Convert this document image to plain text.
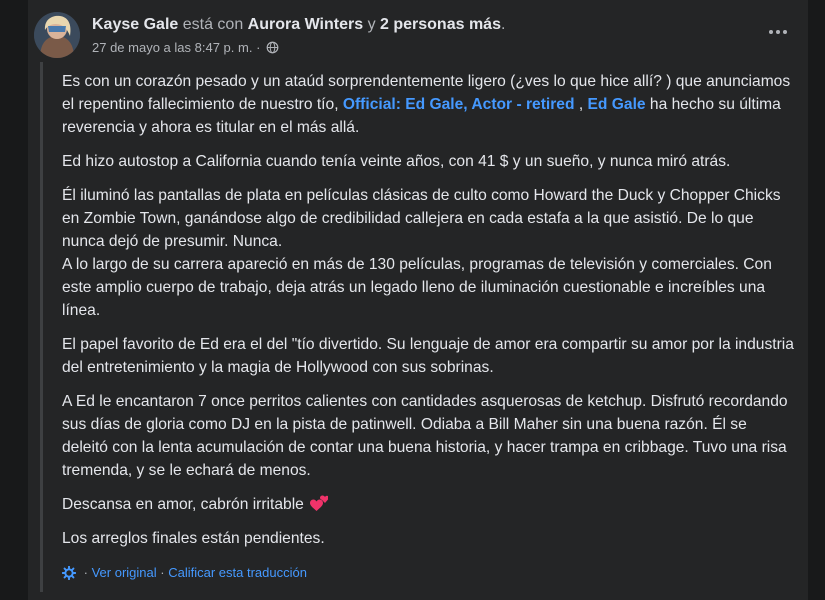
Kayse Gale está con Aurora Winters y 2 personas más.
27 de mayo a las 8:47 p. m. ·

Es con un corazón pesado y un ataúd sorprendentemente ligero (¿ves lo que hice allí? ) que anunciamos el repentino fallecimiento de nuestro tío, Official: Ed Gale, Actor - retired , Ed Gale ha hecho su última reverencia y ahora es titular en el más allá.

Ed hizo autostop a California cuando tenía veinte años, con 41 $ y un sueño, y nunca miró atrás.

Él iluminó las pantallas de plata en películas clásicas de culto como Howard the Duck y Chopper Chicks en Zombie Town, ganándose algo de credibilidad callejera en cada estafa a la que asistió. De lo que nunca dejó de presumir. Nunca.
A lo largo de su carrera apareció en más de 130 películas, programas de televisión y comerciales. Con este amplio cuerpo de trabajo, deja atrás un legado lleno de iluminación cuestionable e increíbles una línea.

El papel favorito de Ed era el del "tío divertido. Su lenguaje de amor era compartir su amor por la industria del entretenimiento y la magia de Hollywood con sus sobrinas.

A Ed le encantaron 7 once perritos calientes con cantidades asquerosas de ketchup. Disfrutó recordando sus días de gloria como DJ en la pista de patinwell. Odiaba a Bill Maher sin una buena razón. Él se deleitó con la lenta acumulación de contar una buena historia, y hacer trampa en cribbage. Tuvo una risa tremenda, y se le echará de menos.

Descansa en amor, cabrón irritable

Los arreglos finales están pendientes.

· Ver original · Calificar esta traducción
